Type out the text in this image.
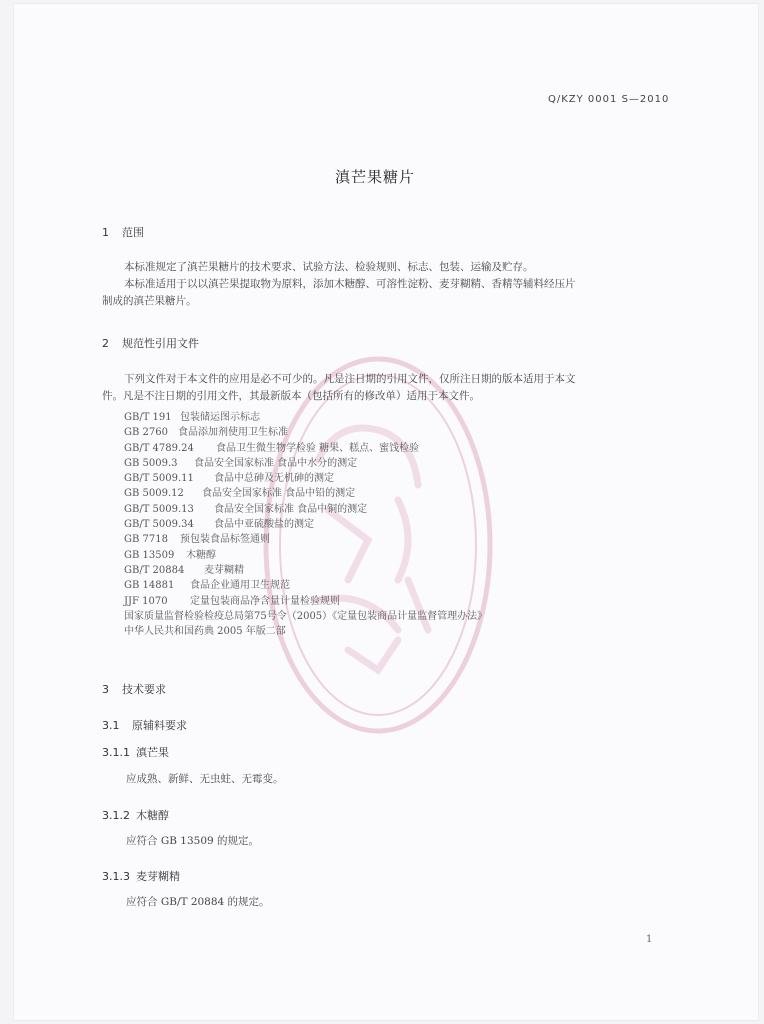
Q/KZY 0001 S—2010
滇芒果糖片
1 范围
本标准规定了滇芒果糖片的技术要求、试验方法、检验规则、标志、包装、运输及贮存。
本标准适用于以以滇芒果提取物为原料，添加木糖醇、可溶性淀粉、麦芽糊精、香精等辅料经压片
制成的滇芒果糖片。
2 规范性引用文件
下列文件对于本文件的应用是必不可少的。凡是注日期的引用文件，仅所注日期的版本适用于本文
件。凡是不注日期的引用文件，其最新版本（包括所有的修改单）适用于本文件。
GB/T 191 包装储运图示标志
GB 2760 食品添加剂使用卫生标准
GB/T 4789.24 食品卫生微生物学检验 糖果、糕点、蜜饯检验
GB 5009.3 食品安全国家标准 食品中水分的测定
GB/T 5009.11 食品中总砷及无机砷的测定
GB 5009.12 食品安全国家标准 食品中铅的测定
GB/T 5009.13 食品安全国家标准 食品中铜的测定
GB/T 5009.34 食品中亚硫酸盐的测定
GB 7718 预包装食品标签通则
GB 13509 木糖醇
GB/T 20884 麦芽糊精
GB 14881 食品企业通用卫生规范
JJF 1070 定量包装商品净含量计量检验规则
国家质量监督检验检疫总局第75号令（2005）《定量包装商品计量监督管理办法》
中华人民共和国药典 2005 年版二部
3 技术要求
3.1 原辅料要求
3.1.1 滇芒果
应成熟、新鲜、无虫蛀、无霉变。
3.1.2 木糖醇
应符合 GB 13509 的规定。
3.1.3 麦芽糊精
应符合 GB/T 20884 的规定。
1
